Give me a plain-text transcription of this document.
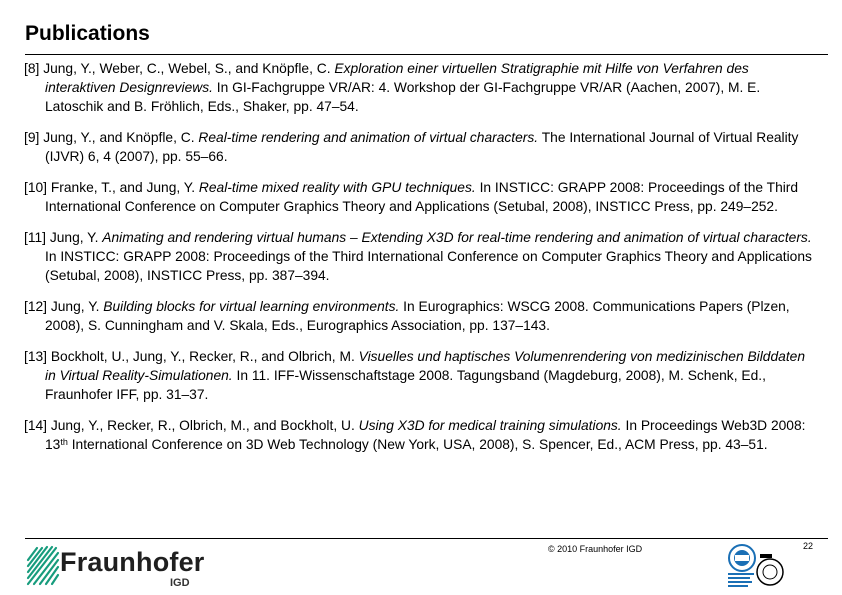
Publications

[8] Jung, Y., Weber, C., Webel, S., and Knöpfle, C. Exploration einer virtuellen Stratigraphie mit Hilfe von Verfahren des interaktiven Designreviews. In GI-Fachgruppe VR/AR: 4. Workshop der GI-Fachgruppe VR/AR (Aachen, 2007), M. E. Latoschik and B. Fröhlich, Eds., Shaker, pp. 47–54.

[9] Jung, Y., and Knöpfle, C. Real-time rendering and animation of virtual characters. The International Journal of Virtual Reality (IJVR) 6, 4 (2007), pp. 55–66.

[10] Franke, T., and Jung, Y. Real-time mixed reality with GPU techniques. In INSTICC: GRAPP 2008: Proceedings of the Third International Conference on Computer Graphics Theory and Applications (Setubal, 2008), INSTICC Press, pp. 249–252.

[11] Jung, Y. Animating and rendering virtual humans – Extending X3D for real-time rendering and animation of virtual characters. In INSTICC: GRAPP 2008: Proceedings of the Third International Conference on Computer Graphics Theory and Applications (Setubal, 2008), INSTICC Press, pp. 387–394.

[12] Jung, Y. Building blocks for virtual learning environments. In Eurographics: WSCG 2008. Communications Papers (Plzen, 2008), S. Cunningham and V. Skala, Eds., Eurographics Association, pp. 137–143.

[13] Bockholt, U., Jung, Y., Recker, R., and Olbrich, M. Visuelles und haptisches Volumenrendering von medizinischen Bilddaten in Virtual Reality-Simulationen. In 11. IFF-Wissenschaftstage 2008. Tagungsband (Magdeburg, 2008), M. Schenk, Ed., Fraunhofer IFF, pp. 31–37.

[14] Jung, Y., Recker, R., Olbrich, M., and Bockholt, U. Using X3D for medical training simulations. In Proceedings Web3D 2008: 13th International Conference on 3D Web Technology (New York, USA, 2008), S. Spencer, Ed., ACM Press, pp. 43–51.

Fraunhofer
IGD
© 2010 Fraunhofer IGD	22
